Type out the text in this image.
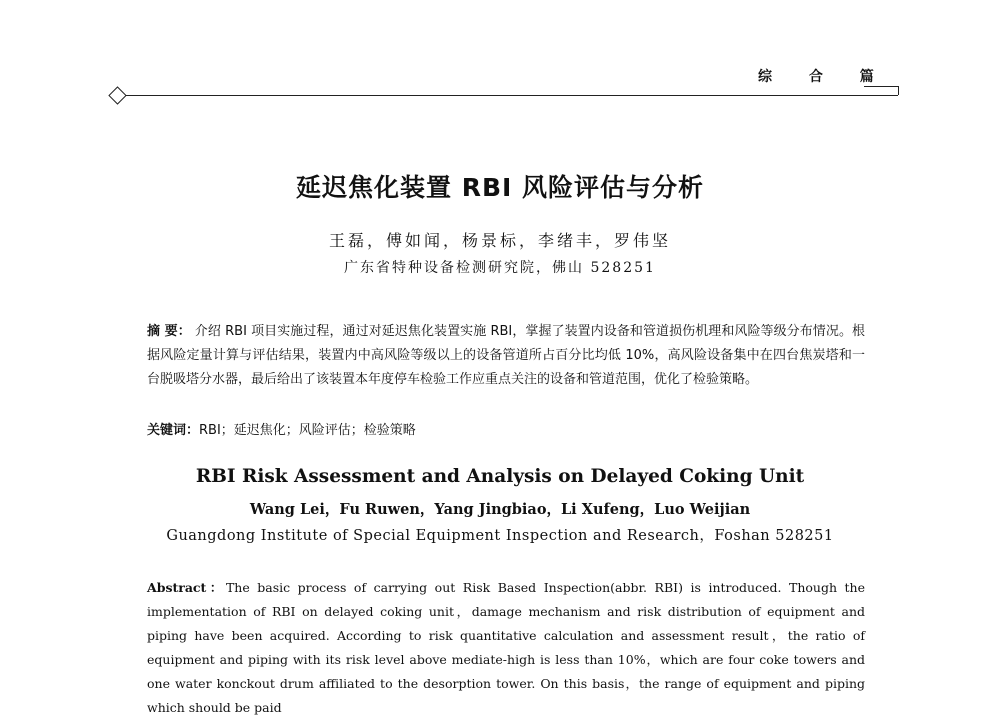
综 合 篇
延迟焦化装置 RBI 风险评估与分析
王磊，傅如闻，杨景标，李绪丰，罗伟坚
广东省特种设备检测研究院，佛山 528251
摘 要： 介绍 RBI 项目实施过程，通过对延迟焦化装置实施 RBI，掌握了装置内设备和管道损伤机理和风险等级分布情况。根据风险定量计算与评估结果，装置内中高风险等级以上的设备管道所占百分比均低 10%，高风险设备集中在四台焦炭塔和一台脱吸塔分水器，最后给出了该装置本年度停车检验工作应重点关注的设备和管道范围，优化了检验策略。
关键词：RBI；延迟焦化；风险评估；检验策略
RBI Risk Assessment and Analysis on Delayed Coking Unit
Wang Lei，Fu Ruwen，Yang Jingbiao，Li Xufeng，Luo Weijian
Guangdong Institute of Special Equipment Inspection and Research，Foshan 528251
Abstract：The basic process of carrying out Risk Based Inspection(abbr. RBI) is introduced. Though the implementation of RBI on delayed coking unit，damage mechanism and risk distribution of equipment and piping have been acquired. According to risk quantitative calculation and assessment result，the ratio of equipment and piping with its risk level above mediate-high is less than 10%，which are four coke towers and one water konckout drum affiliated to the desorption tower. On this basis，the range of equipment and piping which should be paid
